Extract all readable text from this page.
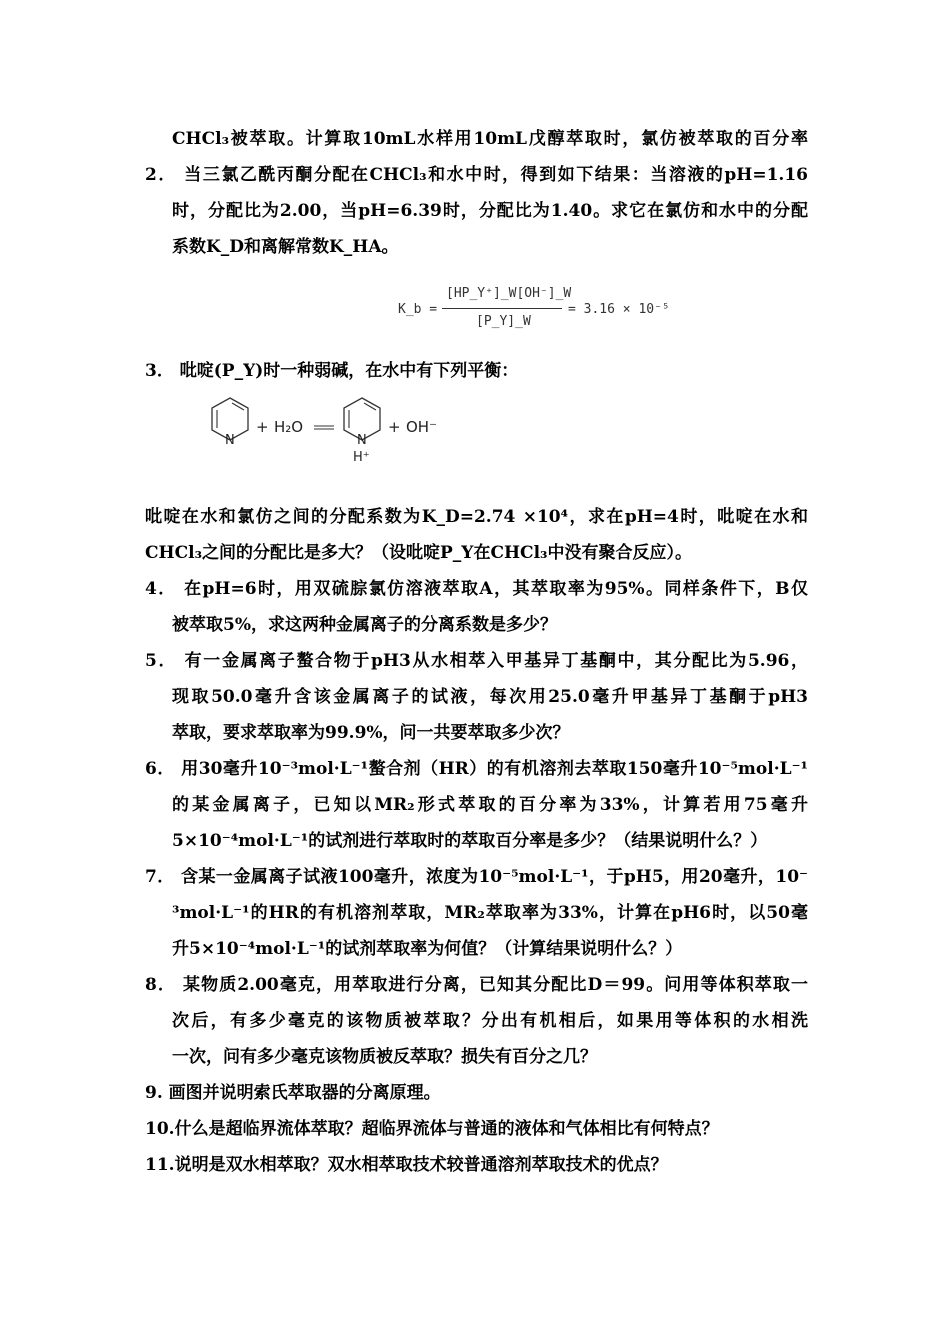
CHCl₃被萃取。计算取10mL水样用10mL戊醇萃取时，氯仿被萃取的百分率
2． 当三氯乙酰丙酮分配在CHCl₃和水中时，得到如下结果：当溶液的pH=1.16
时，分配比为2.00，当pH=6.39时，分配比为1.40。求它在氯仿和水中的分配
系数K_D和离解常数K_HA。
K_b =
[HP_Y⁺]_W[OH⁻]_W
[P_Y]_W
= 3.16 × 10⁻⁵
3． 吡啶(P_Y)时一种弱碱，在水中有下列平衡：
N
+ H₂O
N
H⁺
+ OH⁻
吡啶在水和氯仿之间的分配系数为K_D=2.74 ×10⁴，求在pH=4时，吡啶在水和
CHCl₃之间的分配比是多大？（设吡啶P_Y在CHCl₃中没有聚合反应）。
4． 在pH=6时，用双硫腙氯仿溶液萃取A，其萃取率为95%。同样条件下，B仅
被萃取5%，求这两种金属离子的分离系数是多少？
5． 有一金属离子螯合物于pH3从水相萃入甲基异丁基酮中，其分配比为5.96，
现取50.0毫升含该金属离子的试液，每次用25.0毫升甲基异丁基酮于pH3
萃取，要求萃取率为99.9%，问一共要萃取多少次？
6． 用30毫升10⁻³mol·L⁻¹螯合剂（HR）的有机溶剂去萃取150毫升10⁻⁵mol·L⁻¹
的某金属离子，已知以MR₂形式萃取的百分率为33%，计算若用75毫升
5×10⁻⁴mol·L⁻¹的试剂进行萃取时的萃取百分率是多少？（结果说明什么？）
7． 含某一金属离子试液100毫升，浓度为10⁻⁵mol·L⁻¹，于pH5，用20毫升，10⁻
³mol·L⁻¹的HR的有机溶剂萃取，MR₂萃取率为33%，计算在pH6时，以50毫
升5×10⁻⁴mol·L⁻¹的试剂萃取率为何值？（计算结果说明什么？）
8． 某物质2.00毫克，用萃取进行分离，已知其分配比D＝99。问用等体积萃取一
次后，有多少毫克的该物质被萃取？分出有机相后，如果用等体积的水相洗
一次，问有多少毫克该物质被反萃取？损失有百分之几？
9. 画图并说明索氏萃取器的分离原理。
10.什么是超临界流体萃取？超临界流体与普通的液体和气体相比有何特点？
11.说明是双水相萃取？双水相萃取技术较普通溶剂萃取技术的优点？
